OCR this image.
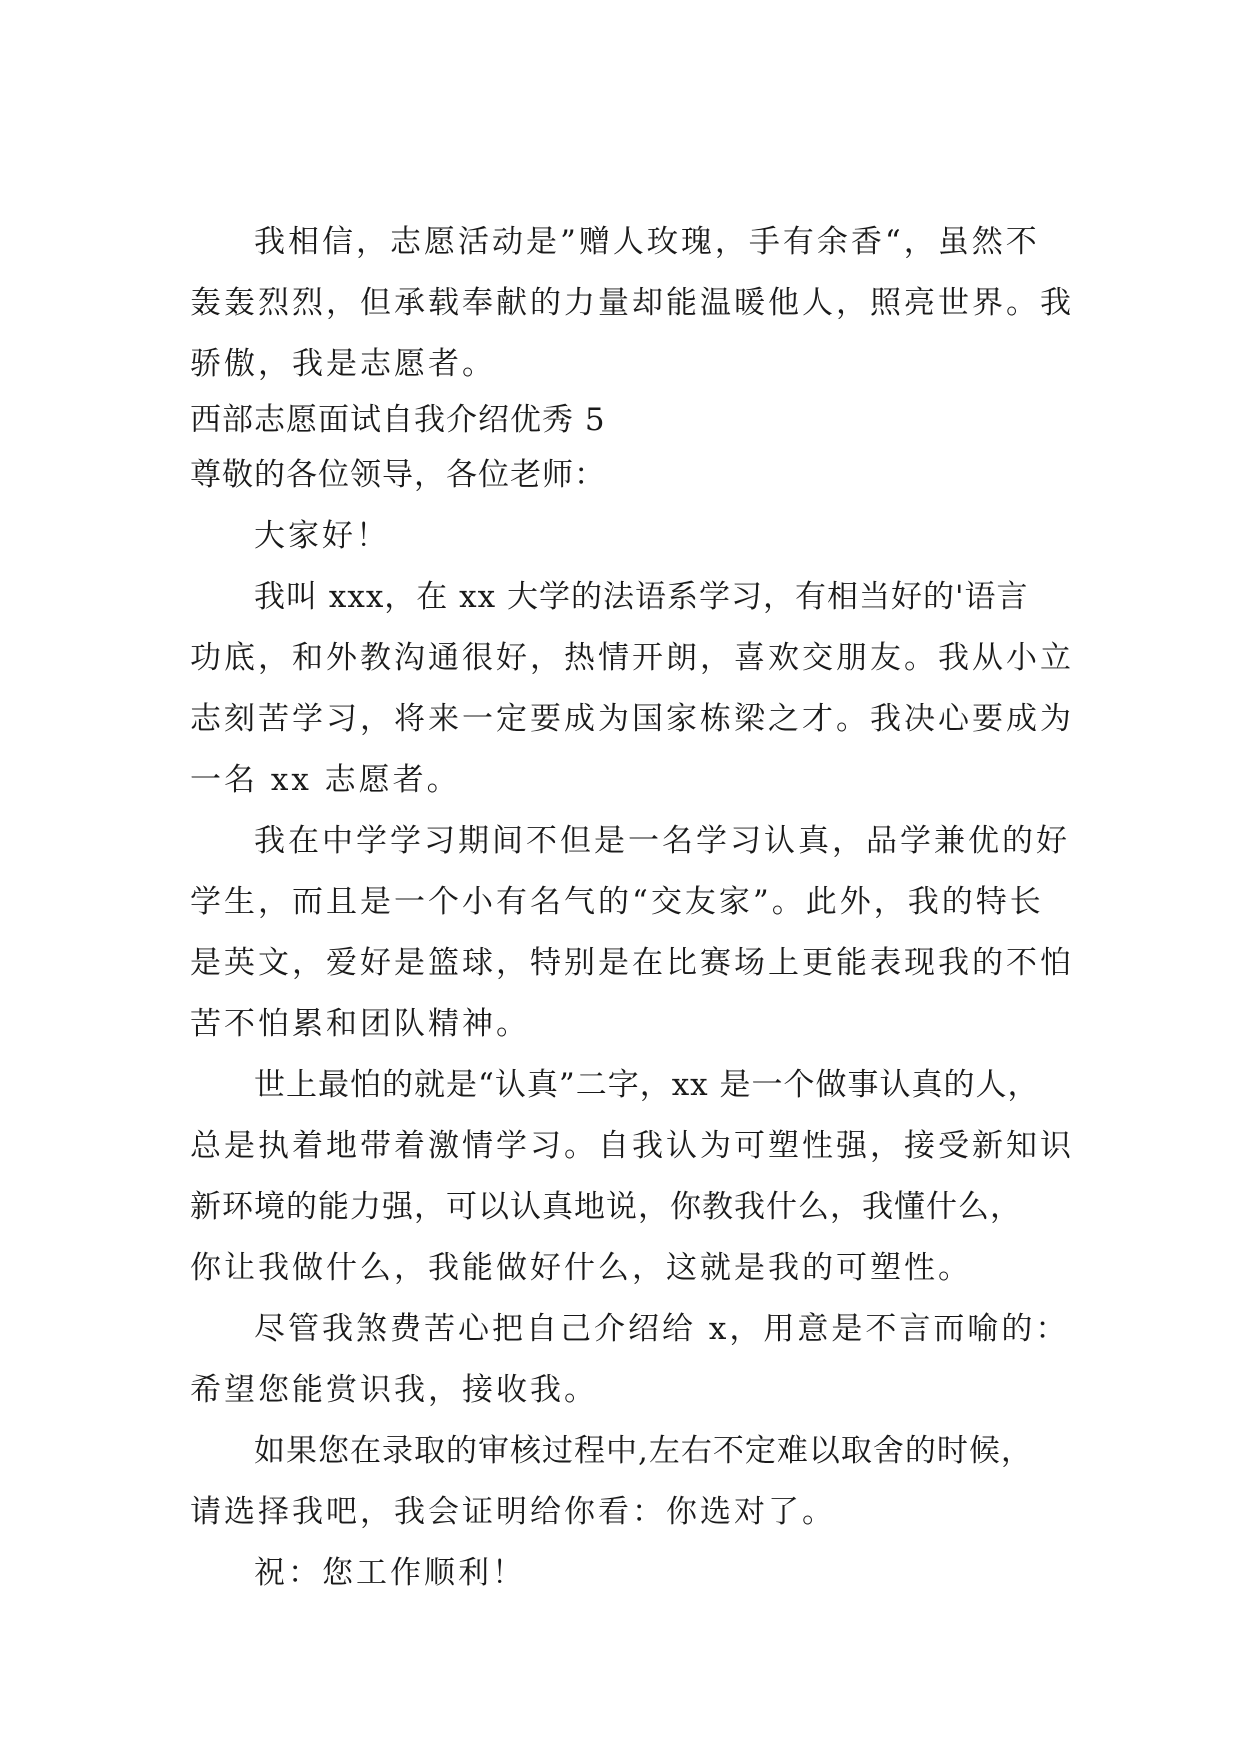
我相信，志愿活动是”赠人玫瑰，手有余香“，虽然不
轰轰烈烈，但承载奉献的力量却能温暖他人，照亮世界。我
骄傲，我是志愿者。
西部志愿面试自我介绍优秀 5
尊敬的各位领导，各位老师：
大家好！
我叫 xxx，在 xx 大学的法语系学习，有相当好的'语言
功底，和外教沟通很好，热情开朗，喜欢交朋友。我从小立
志刻苦学习，将来一定要成为国家栋梁之才。我决心要成为
一名 xx 志愿者。
我在中学学习期间不但是一名学习认真，品学兼优的好
学生，而且是一个小有名气的“交友家”。此外，我的特长
是英文，爱好是篮球，特别是在比赛场上更能表现我的不怕
苦不怕累和团队精神。
世上最怕的就是“认真”二字，xx 是一个做事认真的人，
总是执着地带着激情学习。自我认为可塑性强，接受新知识
新环境的能力强，可以认真地说，你教我什么，我懂什么，
你让我做什么，我能做好什么，这就是我的可塑性。
尽管我煞费苦心把自己介绍给 x，用意是不言而喻的：
希望您能赏识我，接收我。
如果您在录取的审核过程中,左右不定难以取舍的时候，
请选择我吧，我会证明给你看：你选对了。
祝：您工作顺利！
